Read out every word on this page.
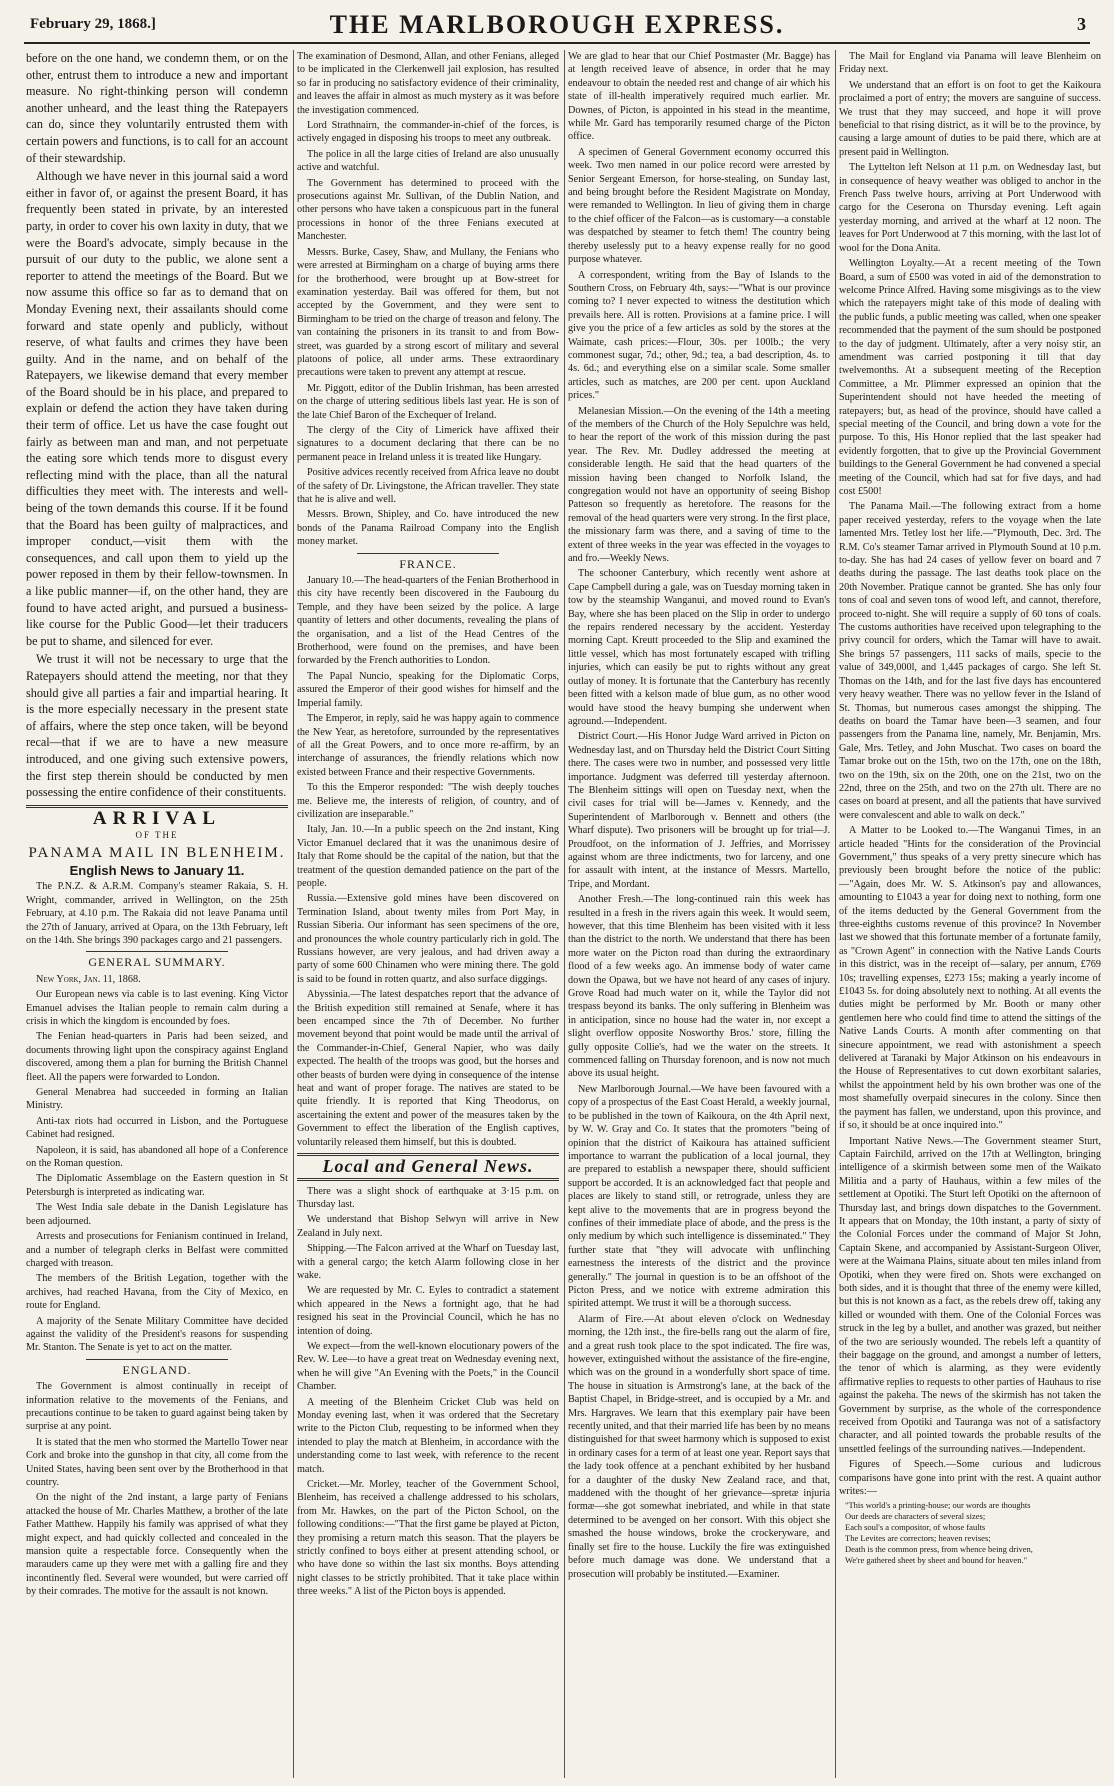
February 29, 1868.]	THE MARLBOROUGH EXPRESS.	3

before on the one hand, we condemn them, or on the other, entrust them to introduce a new and important measure. No right-thinking person will condemn another unheard, and the least thing the Ratepayers can do, since they voluntarily entrusted them with certain powers and functions, is to call for an account of their stewardship.

Although we have never in this journal said a word either in favor of, or against the present Board, it has frequently been stated in private, by an interested party, in order to cover his own laxity in duty, that we were the Board's advocate, simply because in the pursuit of our duty to the public, we alone sent a reporter to attend the meetings of the Board. But we now assume this office so far as to demand that on Monday Evening next, their assailants should come forward and state openly and publicly, without reserve, of what faults and crimes they have been guilty. And in the name, and on behalf of the Ratepayers, we likewise demand that every member of the Board should be in his place, and prepared to explain or defend the action they have taken during their term of office. Let us have the case fought out fairly as between man and man, and not perpetuate the eating sore which tends more to disgust every reflecting mind with the place, than all the natural difficulties they meet with. The interests and well-being of the town demands this course. If it be found that the Board has been guilty of malpractices, and improper conduct,—visit them with the consequences, and call upon them to yield up the power reposed in them by their fellow-townsmen. In a like public manner—if, on the other hand, they are found to have acted aright, and pursued a business-like course for the Public Good—let their traducers be put to shame, and silenced for ever.

We trust it will not be necessary to urge that the Ratepayers should attend the meeting, nor that they should give all parties a fair and impartial hearing. It is the more especially necessary in the present state of affairs, where the step once taken, will be beyond recal—that if we are to have a new measure introduced, and one giving such extensive powers, the first step therein should be conducted by men possessing the entire confidence of their constituents.

ARRIVAL
OF THE
PANAMA MAIL IN BLENHEIM.
English News to January 11.

The P.N.Z. & A.R.M. Company's steamer Rakaia, S. H. Wright, commander, arrived in Wellington, on the 25th February, at 4.10 p.m. The Rakaia did not leave Panama until the 27th of January, arrived at Opara, on the 13th February, left on the 14th. She brings 390 packages cargo and 21 passengers.

GENERAL SUMMARY.

New York, Jan. 11, 1868.

Our European news via cable is to last evening. King Victor Emanuel advises the Italian people to remain calm during a crisis in which the kingdom is encounded by foes.

The Fenian head-quarters in Paris had been seized, and documents throwing light upon the conspiracy against England discovered, among them a plan for burning the British Channel fleet. All the papers were forwarded to London.

General Menabrea had succeeded in forming an Italian Ministry.

Anti-tax riots had occurred in Lisbon, and the Portuguese Cabinet had resigned.

Napoleon, it is said, has abandoned all hope of a Conference on the Roman question.

The Diplomatic Assemblage on the Eastern question in St Petersburgh is interpreted as indicating war.

The West India sale debate in the Danish Legislature has been adjourned.

Arrests and prosecutions for Fenianism continued in Ireland, and a number of telegraph clerks in Belfast were committed charged with treason.

The members of the British Legation, together with the archives, had reached Havana, from the City of Mexico, en route for England.

A majority of the Senate Military Committee have decided against the validity of the President's reasons for suspending Mr. Stanton. The Senate is yet to act on the matter.

ENGLAND.

The Government is almost continually in receipt of information relative to the movements of the Fenians, and precautions continue to be taken to guard against being taken by surprise at any point.

It is stated that the men who stormed the Martello Tower near Cork and broke into the gunshop in that city, all come from the United States, having been sent over by the Brotherhood in that country.

On the night of the 2nd instant, a large party of Fenians attacked the house of Mr. Charles Matthew, a brother of the late Father Matthew. Happily his family was apprised of what they might expect, and had quickly collected and concealed in the mansion quite a respectable force. Consequently when the marauders came up they were met with a galling fire and they incontinently fled. Several were wounded, but were carried off by their comrades. The motive for the assault is not known.

The examination of Desmond, Allan, and other Fenians, alleged to be implicated in the Clerkenwell jail explosion, has resulted so far in producing no satisfactory evidence of their criminality, and leaves the affair in almost as much mystery as it was before the investigation commenced.

Lord Strathnairn, the commander-in-chief of the forces, is actively engaged in disposing his troops to meet any outbreak.

The police in all the large cities of Ireland are also unusually active and watchful.

The Government has determined to proceed with the prosecutions against Mr. Sullivan, of the Dublin Nation, and other persons who have taken a conspicuous part in the funeral processions in honor of the three Fenians executed at Manchester.

Messrs. Burke, Casey, Shaw, and Mullany, the Fenians who were arrested at Birmingham on a charge of buying arms there for the brotherhood, were brought up at Bow-street for examination yesterday. Bail was offered for them, but not accepted by the Government, and they were sent to Birmingham to be tried on the charge of treason and felony. The van containing the prisoners in its transit to and from Bow-street, was guarded by a strong escort of military and several platoons of police, all under arms. These extraordinary precautions were taken to prevent any attempt at rescue.

Mr. Piggott, editor of the Dublin Irishman, has been arrested on the charge of uttering seditious libels last year. He is son of the late Chief Baron of the Exchequer of Ireland.

The clergy of the City of Limerick have affixed their signatures to a document declaring that there can be no permanent peace in Ireland unless it is treated like Hungary.

Positive advices recently received from Africa leave no doubt of the safety of Dr. Livingstone, the African traveller. They state that he is alive and well.

Messrs. Brown, Shipley, and Co. have introduced the new bonds of the Panama Railroad Company into the English money market.

FRANCE.

January 10.—The head-quarters of the Fenian Brotherhood in this city have recently been discovered in the Faubourg du Temple, and they have been seized by the police. A large quantity of letters and other documents, revealing the plans of the organisation, and a list of the Head Centres of the Brotherhood, were found on the premises, and have been forwarded by the French authorities to London.

The Papal Nuncio, speaking for the Diplomatic Corps, assured the Emperor of their good wishes for himself and the Imperial family.

The Emperor, in reply, said he was happy again to commence the New Year, as heretofore, surrounded by the representatives of all the Great Powers, and to once more re-affirm, by an interchange of assurances, the friendly relations which now existed between France and their respective Governments.

To this the Emperor responded: "The wish deeply touches me. Believe me, the interests of religion, of country, and of civilization are inseparable."

Italy, Jan. 10.—In a public speech on the 2nd instant, King Victor Emanuel declared that it was the unanimous desire of Italy that Rome should be the capital of the nation, but that the treatment of the question demanded patience on the part of the people.

Russia.—Extensive gold mines have been discovered on Termination Island, about twenty miles from Port May, in Russian Siberia. Our informant has seen specimens of the ore, and pronounces the whole country particularly rich in gold. The Russians however, are very jealous, and had driven away a party of some 600 Chinamen who were mining there. The gold is said to be found in rotten quartz, and also surface diggings.

Abyssinia.—The latest despatches report that the advance of the British expedition still remained at Senafe, where it has been encamped since the 7th of December. No further movement beyond that point would be made until the arrival of the Commander-in-Chief, General Napier, who was daily expected. The health of the troops was good, but the horses and other beasts of burden were dying in consequence of the intense heat and want of proper forage. The natives are stated to be quite friendly. It is reported that King Theodorus, on ascertaining the extent and power of the measures taken by the Government to effect the liberation of the English captives, voluntarily released them himself, but this is doubted.

Local and General News.

There was a slight shock of earthquake at 3·15 p.m. on Thursday last.

We understand that Bishop Selwyn will arrive in New Zealand in July next.

Shipping.—The Falcon arrived at the Wharf on Tuesday last, with a general cargo; the ketch Alarm following close in her wake.

We are requested by Mr. C. Eyles to contradict a statement which appeared in the News a fortnight ago, that he had resigned his seat in the Provincial Council, which he has no intention of doing.

We expect—from the well-known elocutionary powers of the Rev. W. Lee—to have a great treat on Wednesday evening next, when he will give "An Evening with the Poets," in the Council Chamber.

A meeting of the Blenheim Cricket Club was held on Monday evening last, when it was ordered that the Secretary write to the Picton Club, requesting to be informed when they intended to play the match at Blenheim, in accordance with the understanding come to last week, with reference to the recent match.

Cricket.—Mr. Morley, teacher of the Government School, Blenheim, has received a challenge addressed to his scholars, from Mr. Hawkes, on the part of the Picton School, on the following conditions:—"That the first game be played at Picton, they promising a return match this season. That the players be strictly confined to boys either at present attending school, or who have done so within the last six months. Boys attending night classes to be strictly prohibited. That it take place within three weeks." A list of the Picton boys is appended.

We are glad to hear that our Chief Postmaster (Mr. Bagge) has at length received leave of absence, in order that he may endeavour to obtain the needed rest and change of air which his state of ill-health imperatively required much earlier. Mr. Downes, of Picton, is appointed in his stead in the meantime, while Mr. Gard has temporarily resumed charge of the Picton office.

A specimen of General Government economy occurred this week. Two men named in our police record were arrested by Senior Sergeant Emerson, for horse-stealing, on Sunday last, and being brought before the Resident Magistrate on Monday, were remanded to Wellington. In lieu of giving them in charge to the chief officer of the Falcon—as is customary—a constable was despatched by steamer to fetch them! The country being thereby uselessly put to a heavy expense really for no good purpose whatever.

A correspondent, writing from the Bay of Islands to the Southern Cross, on February 4th, says:—"What is our province coming to? I never expected to witness the destitution which prevails here. All is rotten. Provisions at a famine price. I will give you the price of a few articles as sold by the stores at the Waimate, cash prices:—Flour, 30s. per 100lb.; the very commonest sugar, 7d.; other, 9d.; tea, a bad description, 4s. to 4s. 6d.; and everything else on a similar scale. Some smaller articles, such as matches, are 200 per cent. upon Auckland prices."

Melanesian Mission.—On the evening of the 14th a meeting of the members of the Church of the Holy Sepulchre was held, to hear the report of the work of this mission during the past year. The Rev. Mr. Dudley addressed the meeting at considerable length. He said that the head quarters of the mission having been changed to Norfolk Island, the congregation would not have an opportunity of seeing Bishop Patteson so frequently as heretofore. The reasons for the removal of the head quarters were very strong. In the first place, the missionary farm was there, and a saving of time to the extent of three weeks in the year was effected in the voyages to and fro.—Weekly News.

The schooner Canterbury, which recently went ashore at Cape Campbell during a gale, was on Tuesday morning taken in tow by the steamship Wanganui, and moved round to Evan's Bay, where she has been placed on the Slip in order to undergo the repairs rendered necessary by the accident. Yesterday morning Capt. Kreutt proceeded to the Slip and examined the little vessel, which has most fortunately escaped with trifling injuries, which can easily be put to rights without any great outlay of money. It is fortunate that the Canterbury has recently been fitted with a kelson made of blue gum, as no other wood would have stood the heavy bumping she underwent when aground.—Independent.

District Court.—His Honor Judge Ward arrived in Picton on Wednesday last, and on Thursday held the District Court Sitting there. The cases were two in number, and possessed very little importance. Judgment was deferred till yesterday afternoon. The Blenheim sittings will open on Tuesday next, when the civil cases for trial will be—James v. Kennedy, and the Superintendent of Marlborough v. Bennett and others (the Wharf dispute). Two prisoners will be brought up for trial—J. Proudfoot, on the information of J. Jeffries, and Morrissey against whom are three indictments, two for larceny, and one for assault with intent, at the instance of Messrs. Martello, Tripe, and Mordant.

Another Fresh.—The long-continued rain this week has resulted in a fresh in the rivers again this week. It would seem, however, that this time Blenheim has been visited with it less than the district to the north. We understand that there has been more water on the Picton road than during the extraordinary flood of a few weeks ago. An immense body of water came down the Opawa, but we have not heard of any cases of injury. Grove Road had much water on it, while the Taylor did not trespass beyond its banks. The only suffering in Blenheim was in anticipation, since no house had the water in, nor except a slight overflow opposite Nosworthy Bros.' store, filling the gully opposite Collie's, had we the water on the streets. It commenced falling on Thursday forenoon, and is now not much above its usual height.

New Marlborough Journal.—We have been favoured with a copy of a prospectus of the East Coast Herald, a weekly journal, to be published in the town of Kaikoura, on the 4th April next, by W. W. Gray and Co. It states that the promoters "being of opinion that the district of Kaikoura has attained sufficient importance to warrant the publication of a local journal, they are prepared to establish a newspaper there, should sufficient support be accorded. It is an acknowledged fact that people and places are likely to stand still, or retrograde, unless they are kept alive to the movements that are in progress beyond the confines of their immediate place of abode, and the press is the only medium by which such intelligence is disseminated." They further state that "they will advocate with unflinching earnestness the interests of the district and the province generally." The journal in question is to be an offshoot of the Picton Press, and we notice with extreme admiration this spirited attempt. We trust it will be a thorough success.

Alarm of Fire.—At about eleven o'clock on Wednesday morning, the 12th inst., the fire-bells rang out the alarm of fire, and a great rush took place to the spot indicated. The fire was, however, extinguished without the assistance of the fire-engine, which was on the ground in a wonderfully short space of time. The house in situation is Armstrong's lane, at the back of the Baptist Chapel, in Bridge-street, and is occupied by a Mr. and Mrs. Hargraves. We learn that this exemplary pair have been recently united, and that their married life has been by no means distinguished for that sweet harmony which is supposed to exist in ordinary cases for a term of at least one year. Report says that the lady took offence at a penchant exhibited by her husband for a daughter of the dusky New Zealand race, and that, maddened with the thought of her grievance—spretæ injuria formæ—she got somewhat inebriated, and while in that state determined to be avenged on her consort. With this object she smashed the house windows, broke the crockeryware, and finally set fire to the house. Luckily the fire was extinguished before much damage was done. We understand that a prosecution will probably be instituted.—Examiner.

The Mail for England via Panama will leave Blenheim on Friday next.

We understand that an effort is on foot to get the Kaikoura proclaimed a port of entry; the movers are sanguine of success. We trust that they may succeed, and hope it will prove beneficial to that rising district, as it will be to the province, by causing a large amount of duties to be paid there, which are at present paid in Wellington.

The Lyttelton left Nelson at 11 p.m. on Wednesday last, but in consequence of heavy weather was obliged to anchor in the French Pass twelve hours, arriving at Port Underwood with cargo for the Ceserona on Thursday evening. Left again yesterday morning, and arrived at the wharf at 12 noon. The leaves for Port Underwood at 7 this morning, with the last lot of wool for the Dona Anita.

Wellington Loyalty.—At a recent meeting of the Town Board, a sum of £500 was voted in aid of the demonstration to welcome Prince Alfred. Having some misgivings as to the view which the ratepayers might take of this mode of dealing with the public funds, a public meeting was called, when one speaker recommended that the payment of the sum should be postponed to the day of judgment. Ultimately, after a very noisy stir, an amendment was carried postponing it till that day twelvemonths. At a subsequent meeting of the Reception Committee, a Mr. Plimmer expressed an opinion that the Superintendent should not have heeded the meeting of ratepayers; but, as head of the province, should have called a special meeting of the Council, and bring down a vote for the purpose. To this, His Honor replied that the last speaker had evidently forgotten, that to give up the Provincial Government buildings to the General Government he had convened a special meeting of the Council, which had sat for five days, and had cost £500!

The Panama Mail.—The following extract from a home paper received yesterday, refers to the voyage when the late lamented Mrs. Tetley lost her life.—"Plymouth, Dec. 3rd. The R.M. Co's steamer Tamar arrived in Plymouth Sound at 10 p.m. to-day. She has had 24 cases of yellow fever on board and 7 deaths during the passage. The last deaths took place on the 20th November. Pratique cannot be granted. She has only four tons of coal and seven tons of wood left, and cannot, therefore, proceed to-night. She will require a supply of 60 tons of coals. The customs authorities have received upon telegraphing to the privy council for orders, which the Tamar will have to await. She brings 57 passengers, 111 sacks of mails, specie to the value of 349,000l, and 1,445 packages of cargo. She left St. Thomas on the 14th, and for the last five days has encountered very heavy weather. There was no yellow fever in the Island of St. Thomas, but numerous cases amongst the shipping. The deaths on board the Tamar have been—3 seamen, and four passengers from the Panama line, namely, Mr. Benjamin, Mrs. Gale, Mrs. Tetley, and John Muschat. Two cases on board the Tamar broke out on the 15th, two on the 17th, one on the 18th, two on the 19th, six on the 20th, one on the 21st, two on the 22nd, three on the 25th, and two on the 27th ult. There are no cases on board at present, and all the patients that have survived were convalescent and able to walk on deck."

A Matter to be Looked to.—The Wanganui Times, in an article headed "Hints for the consideration of the Provincial Government," thus speaks of a very pretty sinecure which has previously been brought before the notice of the public:—"Again, does Mr. W. S. Atkinson's pay and allowances, amounting to £1043 a year for doing next to nothing, form one of the items deducted by the General Government from the three-eighths customs revenue of this province? In November last we showed that this fortunate member of a fortunate family, as "Crown Agent" in connection with the Native Lands Courts in this district, was in the receipt of—salary, per annum, £769 10s; travelling expenses, £273 15s; making a yearly income of £1043 5s. for doing absolutely next to nothing. At all events the duties might be performed by Mr. Booth or many other gentlemen here who could find time to attend the sittings of the Native Lands Courts. A month after commenting on that sinecure appointment, we read with astonishment a speech delivered at Taranaki by Major Atkinson on his endeavours in the House of Representatives to cut down exorbitant salaries, whilst the appointment held by his own brother was one of the most shamefully overpaid sinecures in the colony. Since then the payment has fallen, we understand, upon this province, and if so, it should be at once inquired into."

Important Native News.—The Government steamer Sturt, Captain Fairchild, arrived on the 17th at Wellington, bringing intelligence of a skirmish between some men of the Waikato Militia and a party of Hauhaus, within a few miles of the settlement at Opotiki. The Sturt left Opotiki on the afternoon of Thursday last, and brings down dispatches to the Government. It appears that on Monday, the 10th instant, a party of sixty of the Colonial Forces under the command of Major St John, Captain Skene, and accompanied by Assistant-Surgeon Oliver, were at the Waimana Plains, situate about ten miles inland from Opotiki, when they were fired on. Shots were exchanged on both sides, and it is thought that three of the enemy were killed, but this is not known as a fact, as the rebels drew off, taking any killed or wounded with them. One of the Colonial Forces was struck in the leg by a bullet, and another was grazed, but neither of the two are seriously wounded. The rebels left a quantity of their baggage on the ground, and amongst a number of letters, the tenor of which is alarming, as they were evidently affirmative replies to requests to other parties of Hauhaus to rise against the pakeha. The news of the skirmish has not taken the Government by surprise, as the whole of the correspondence received from Opotiki and Tauranga was not of a satisfactory character, and all pointed towards the probable results of the unsettled feelings of the surrounding natives.—Independent.

Figures of Speech.—Some curious and ludicrous comparisons have gone into print with the rest. A quaint author writes:—

"This world's a printing-house; our words are thoughts
Our deeds are characters of several sizes;
Each soul's a compositor, of whose faults
The Levites are correctors; heaven revises;
Death is the common press, from whence being driven,
We're gathered sheet by sheet and bound for heaven."
